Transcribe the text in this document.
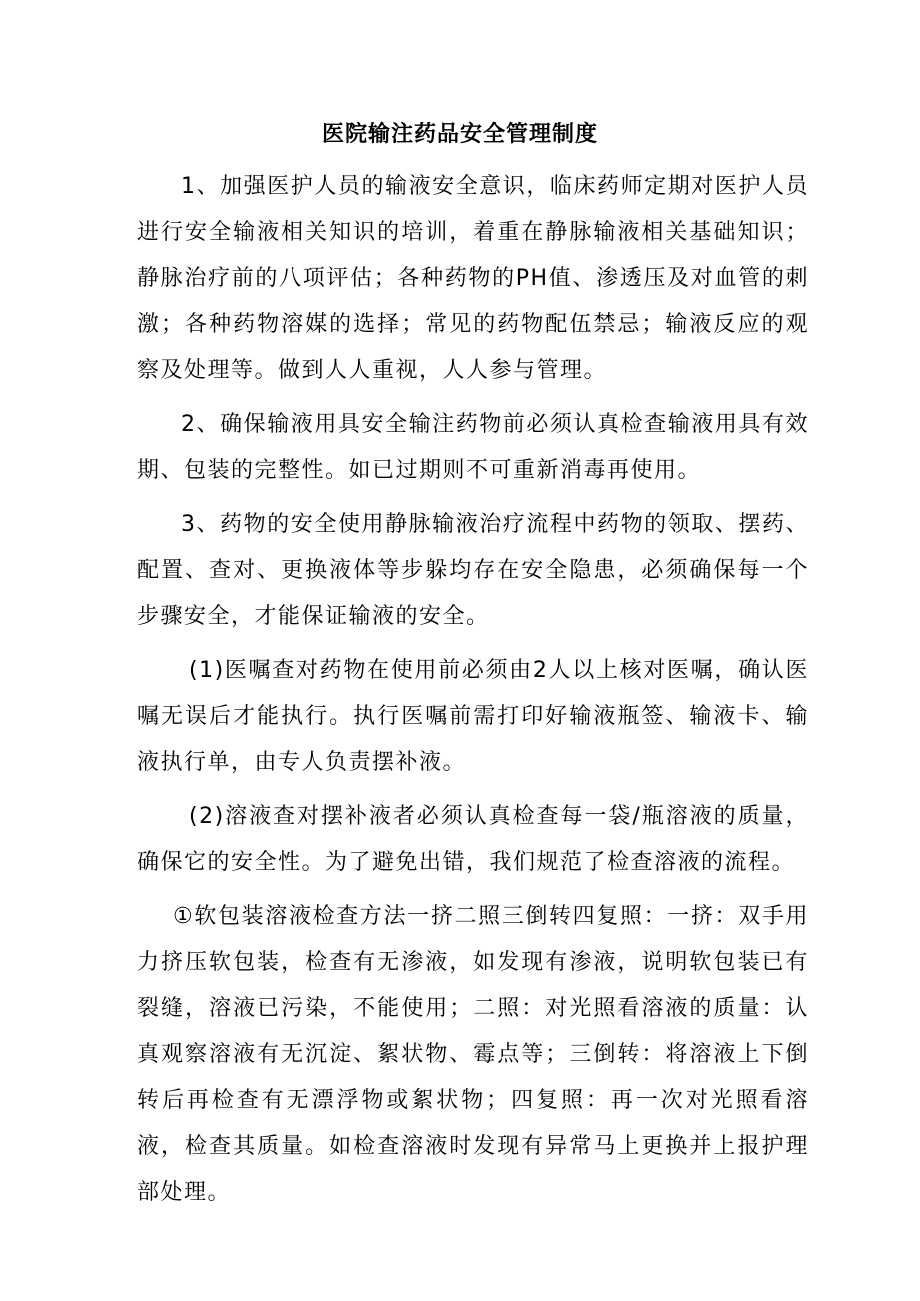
医院输注药品安全管理制度

1、加强医护人员的输液安全意识，临床药师定期对医护人员进行安全输液相关知识的培训，着重在静脉输液相关基础知识；静脉治疗前的八项评估；各种药物的PH值、渗透压及对血管的刺激；各种药物溶媒的选择；常见的药物配伍禁忌；输液反应的观察及处理等。做到人人重视，人人参与管理。

2、确保输液用具安全输注药物前必须认真检查输液用具有效期、包装的完整性。如已过期则不可重新消毒再使用。

3、药物的安全使用静脉输液治疗流程中药物的领取、摆药、配置、查对、更换液体等步躲均存在安全隐患，必须确保每一个步骤安全，才能保证输液的安全。

(1)医嘱查对药物在使用前必须由2人以上核对医嘱，确认医嘱无误后才能执行。执行医嘱前需打印好输液瓶签、输液卡、输液执行单，由专人负责摆补液。

(2)溶液查对摆补液者必须认真检查每一袋/瓶溶液的质量，确保它的安全性。为了避免出错，我们规范了检查溶液的流程。

①软包装溶液检查方法一挤二照三倒转四复照：一挤：双手用力挤压软包装，检查有无渗液，如发现有渗液，说明软包装已有裂缝，溶液已污染，不能使用；二照：对光照看溶液的质量：认真观察溶液有无沉淀、絮状物、霉点等；三倒转：将溶液上下倒转后再检查有无漂浮物或絮状物；四复照：再一次对光照看溶液，检查其质量。如检查溶液时发现有异常马上更换并上报护理部处理。
